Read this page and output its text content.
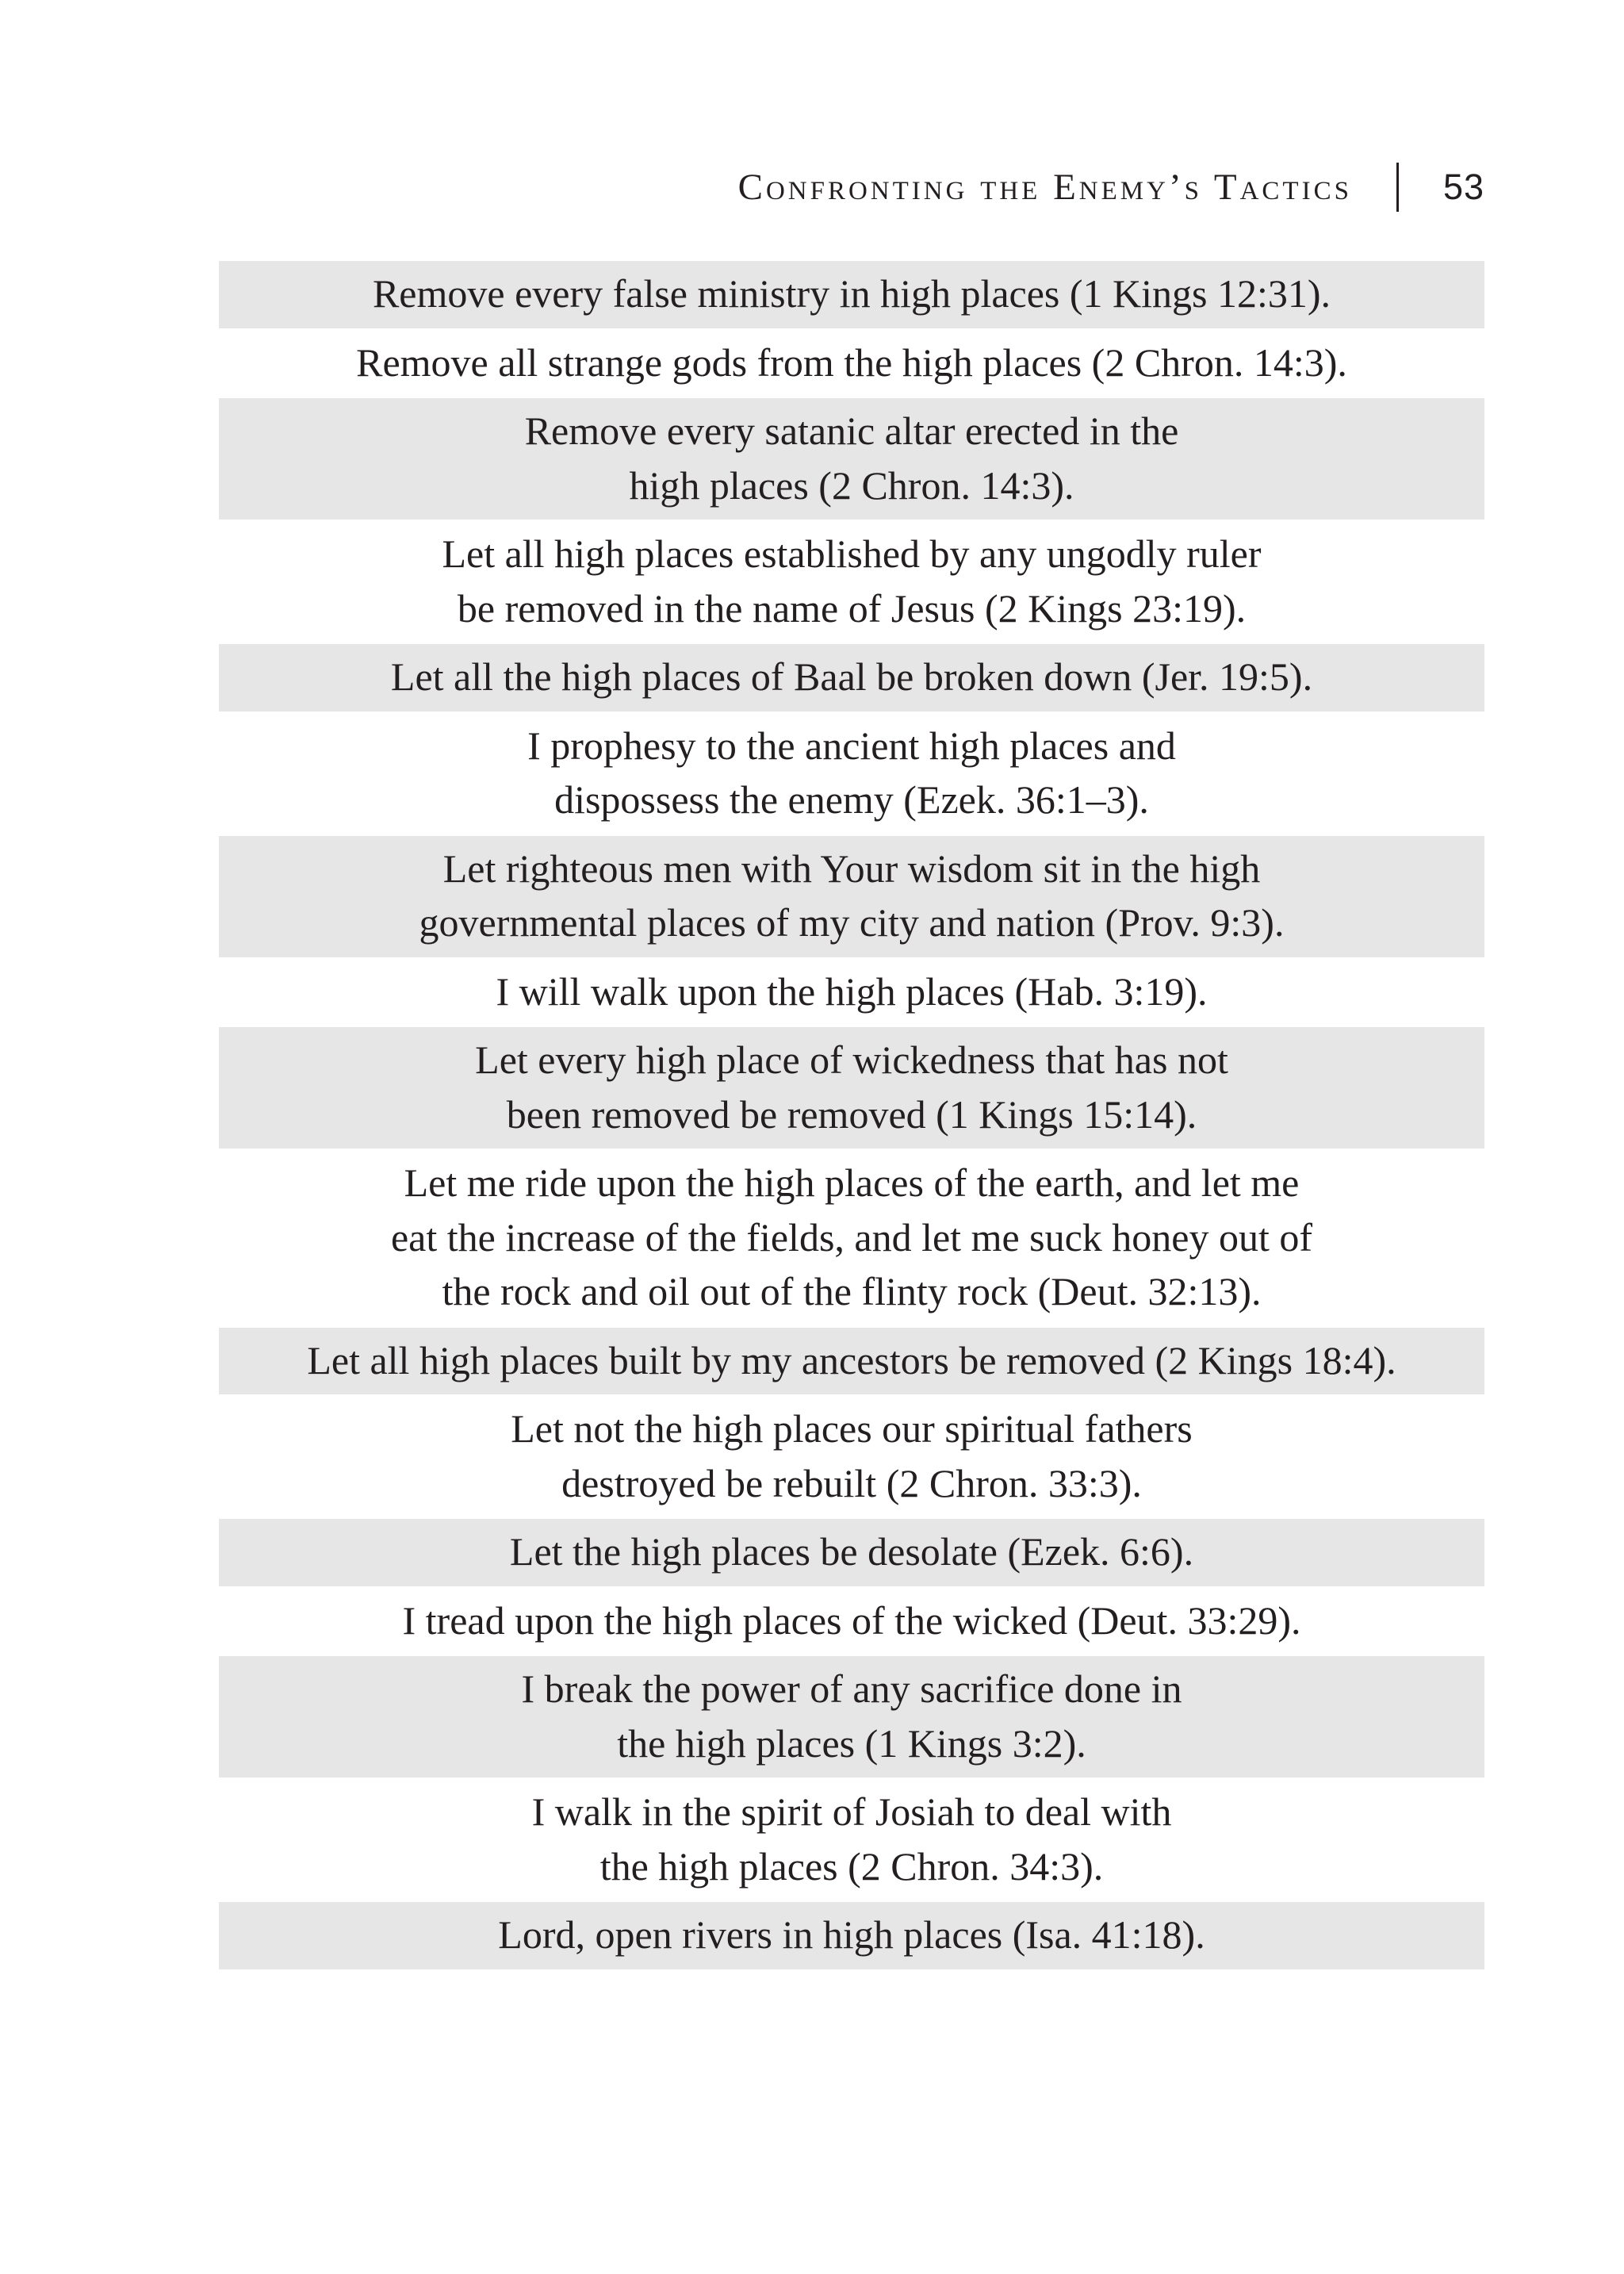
Confronting the Enemy’s Tactics	53
Remove every false ministry in high places (1 Kings 12:31).
Remove all strange gods from the high places (2 Chron. 14:3).
Remove every satanic altar erected in the
high places (2 Chron. 14:3).
Let all high places established by any ungodly ruler
be removed in the name of Jesus (2 Kings 23:19).
Let all the high places of Baal be broken down (Jer. 19:5).
I prophesy to the ancient high places and
dispossess the enemy (Ezek. 36:1–3).
Let righteous men with Your wisdom sit in the high
governmental places of my city and nation (Prov. 9:3).
I will walk upon the high places (Hab. 3:19).
Let every high place of wickedness that has not
been removed be removed (1 Kings 15:14).
Let me ride upon the high places of the earth, and let me
eat the increase of the fields, and let me suck honey out of
the rock and oil out of the flinty rock (Deut. 32:13).
Let all high places built by my ancestors be removed (2 Kings 18:4).
Let not the high places our spiritual fathers
destroyed be rebuilt (2 Chron. 33:3).
Let the high places be desolate (Ezek. 6:6).
I tread upon the high places of the wicked (Deut. 33:29).
I break the power of any sacrifice done in
the high places (1 Kings 3:2).
I walk in the spirit of Josiah to deal with
the high places (2 Chron. 34:3).
Lord, open rivers in high places (Isa. 41:18).
